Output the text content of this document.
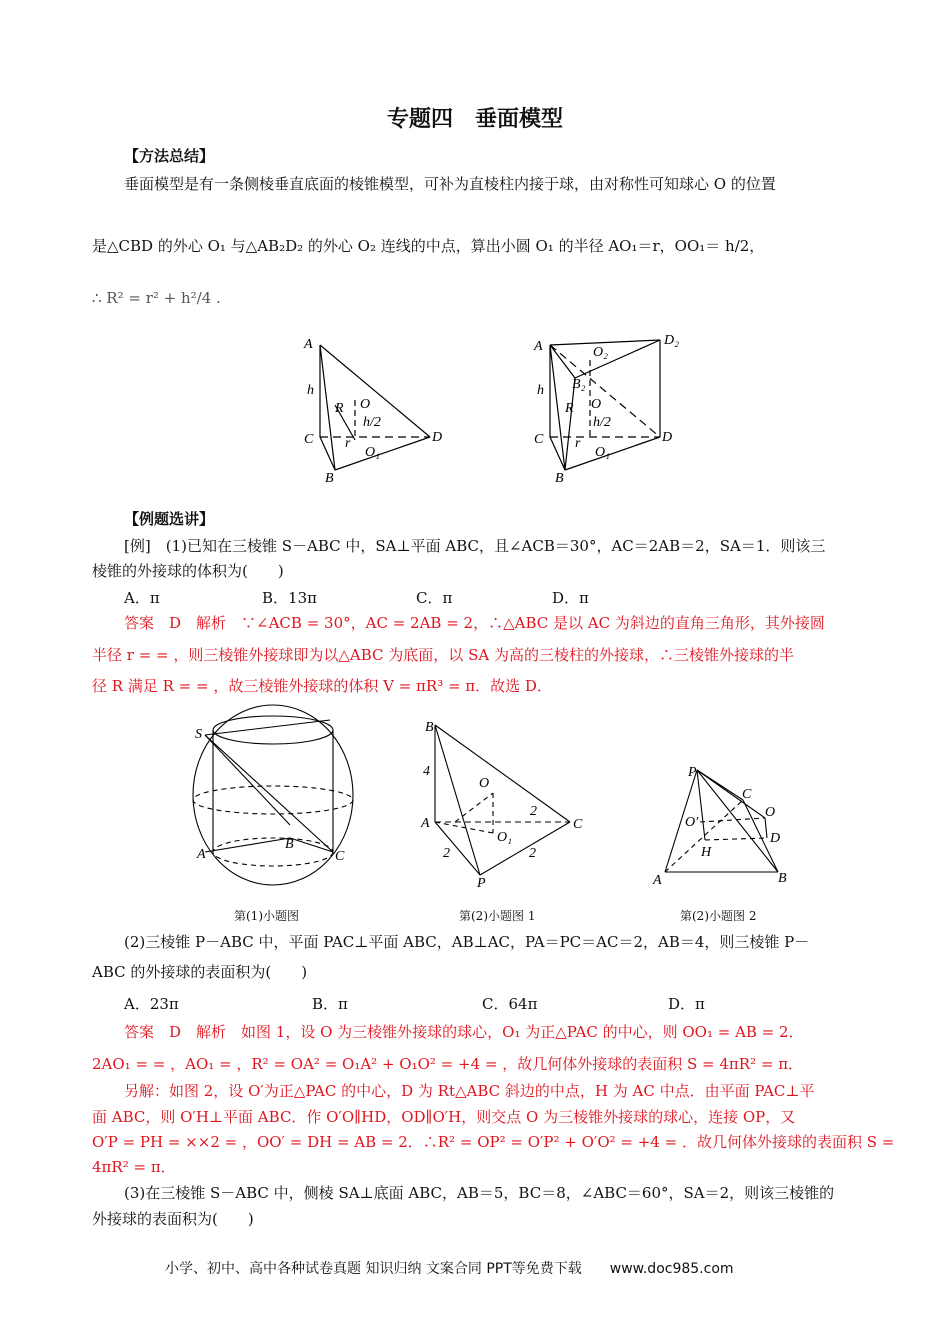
专题四　垂面模型
【方法总结】
垂面模型是有一条侧棱垂直底面的棱锥模型，可补为直棱柱内接于球，由对称性可知球心 O 的位置
是△CBD 的外心 O₁ 与△AB₂D₂ 的外心 O₂ 连线的中点，算出小圆 O₁ 的半径 AO₁＝r，OO₁＝ h/2，
∴ R² = r² + h²/4 .
A
h
R O
h/2
C r
O₁
D
B
A	O₂
D₂
B₂
h
R O
C r
h/2
O₁
D
B
【例题选讲】
[例]　(1)已知在三棱锥 S－ABC 中，SA⊥平面 ABC，且∠ACB＝30°，AC＝2AB＝2，SA＝1．则该三
棱锥的外接球的体积为(　　)
A．π	B．13π	C．π	D．π
答案　D　解析　∵∠ACB = 30°，AC = 2AB = 2，∴△ABC 是以 AC 为斜边的直角三角形，其外接圆
半径 r = = ，则三棱锥外接球即为以△ABC 为底面，以 SA 为高的三棱柱的外接球，∴三棱锥外接球的半
径 R 满足 R = = ，故三棱锥外接球的体积 V = πR³ = π．故选 D．
S
A
B
C
B
4
O
A
2
O₁
C
2	2
P
P
C
O
O′
D
H
A	B
第(1)小题图	第(2)小题图 1	第(2)小题图 2
(2)三棱锥 P－ABC 中，平面 PAC⊥平面 ABC，AB⊥AC，PA＝PC＝AC＝2，AB＝4，则三棱锥 P－
ABC 的外接球的表面积为(　　)
A．23π	B．π	C．64π	D．π
答案　D　解析　如图 1，设 O 为三棱锥外接球的球心，O₁ 为正△PAC 的中心，则 OO₁ = AB = 2．
2AO₁ = = ，AO₁ = ，R² = OA² = O₁A² + O₁O² = +4 = ，故几何体外接球的表面积 S = 4πR² = π．
另解：如图 2，设 O′为正△PAC 的中心，D 为 Rt△ABC 斜边的中点，H 为 AC 中点．由平面 PAC⊥平
面 ABC，则 O′H⊥平面 ABC．作 O′O∥HD，OD∥O′H，则交点 O 为三棱锥外接球的球心，连接 OP，又
O′P = PH = ××2 = ，OO′ = DH = AB = 2．∴R² = OP² = O′P² + O′O² = +4 = ．故几何体外接球的表面积 S =
4πR² = π．
(3)在三棱锥 S－ABC 中，侧棱 SA⊥底面 ABC，AB＝5，BC＝8，∠ABC＝60°，SA＝2，则该三棱锥的
外接球的表面积为(　　)
小学、初中、高中各种试卷真题 知识归纳 文案合同 PPT等免费下载　　www.doc985.com
